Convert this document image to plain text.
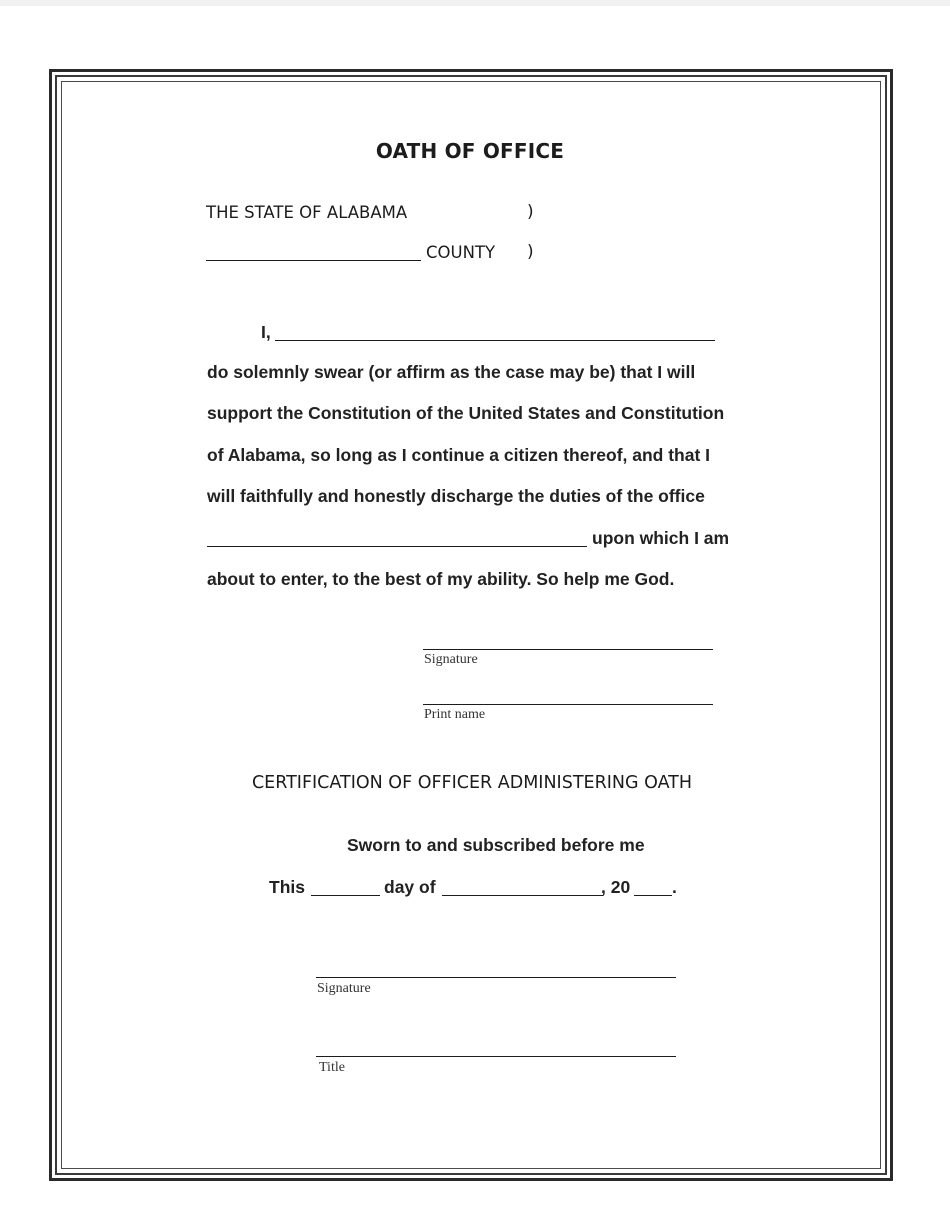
OATH OF OFFICE
THE STATE OF ALABAMA	)
COUNTY )
I,
do solemnly swear (or affirm as the case may be) that I will
support the Constitution of the United States and Constitution
of Alabama, so long as I continue a citizen thereof, and that I
will faithfully and honestly discharge the duties of the office
upon which I am
about to enter, to the best of my ability. So help me God.
Signature
Print name
CERTIFICATION OF OFFICER ADMINISTERING OATH
Sworn to and subscribed before me
This	day of	, 20 .
Signature
Title
